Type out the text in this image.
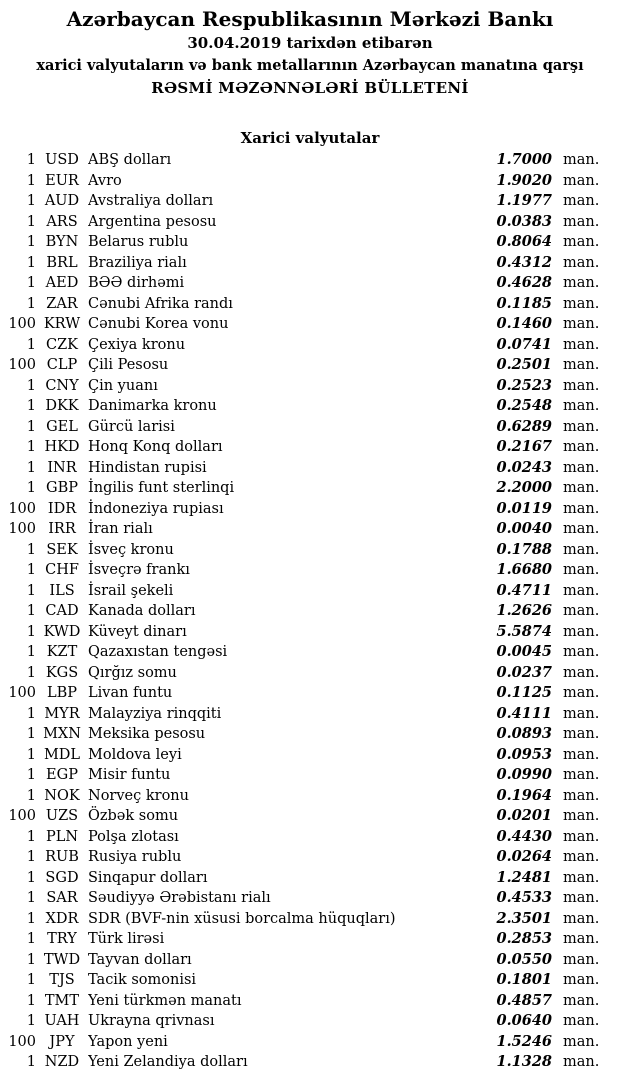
Azərbaycan Respublikasının Mərkəzi Bankı
30.04.2019 tarixdən etibarən
xarici valyutaların və bank metallarının Azərbaycan manatına qarşı
RƏSMİ MƏZƏNNƏLƏRİ BÜLLETENİ
Xarici valyutalar
1 USD ABŞ dolları	1.7000 man.
1 EUR Avro	1.9020 man.
1 AUD Avstraliya dolları	1.1977 man.
1 ARS Argentina pesosu	0.0383 man.
1 BYN Belarus rublu	0.8064 man.
1 BRL Braziliya rialı	0.4312 man.
1 AED BƏƏ dirhəmi	0.4628 man.
1 ZAR Cənubi Afrika randı	0.1185 man.
100 KRW Cənubi Korea vonu	0.1460 man.
1 CZK Çexiya kronu	0.0741 man.
100 CLP Çili Pesosu	0.2501 man.
1 CNY Çin yuanı	0.2523 man.
1 DKK Danimarka kronu	0.2548 man.
1 GEL Gürcü larisi	0.6289 man.
1 HKD Honq Konq dolları	0.2167 man.
1 INR Hindistan rupisi	0.0243 man.
1 GBP İngilis funt sterlinqi	2.2000 man.
100 IDR İndoneziya rupiası	0.0119 man.
100 IRR İran rialı	0.0040 man.
1 SEK İsveç kronu	0.1788 man.
1 CHF İsveçrə frankı	1.6680 man.
1 ILS İsrail şekeli	0.4711 man.
1 CAD Kanada dolları	1.2626 man.
1 KWD Küveyt dinarı	5.5874 man.
1 KZT Qazaxıstan tengəsi	0.0045 man.
1 KGS Qırğız somu	0.0237 man.
100 LBP Livan funtu	0.1125 man.
1 MYR Malayziya rinqqiti	0.4111 man.
1 MXN Meksika pesosu	0.0893 man.
1 MDL Moldova leyi	0.0953 man.
1 EGP Misir funtu	0.0990 man.
1 NOK Norveç kronu	0.1964 man.
100 UZS Özbək somu	0.0201 man.
1 PLN Polşa zlotası	0.4430 man.
1 RUB Rusiya rublu	0.0264 man.
1 SGD Sinqapur dolları	1.2481 man.
1 SAR Səudiyyə Ərəbistanı rialı	0.4533 man.
1 XDR SDR (BVF-nin xüsusi borcalma hüquqları)	2.3501 man.
1 TRY Türk lirəsi	0.2853 man.
1 TWD Tayvan dolları	0.0550 man.
1 TJS Tacik somonisi	0.1801 man.
1 TMT Yeni türkmən manatı	0.4857 man.
1 UAH Ukrayna qrivnası	0.0640 man.
100 JPY Yapon yeni	1.5246 man.
1 NZD Yeni Zelandiya dolları	1.1328 man.
